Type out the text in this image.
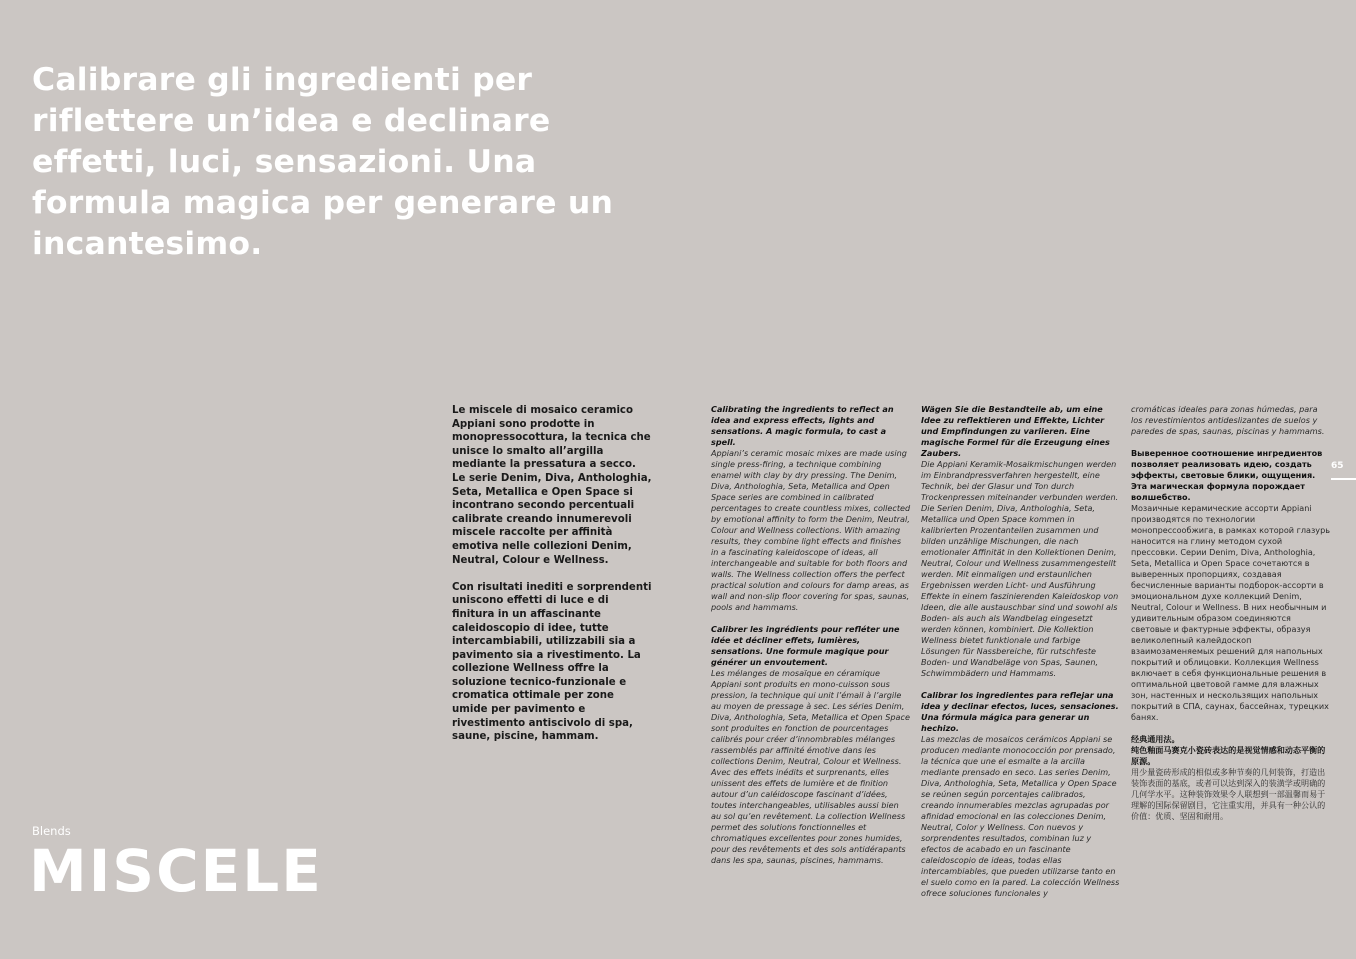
Calibrare gli ingredienti per riflettere un’idea e declinare effetti, luci, sensazioni. Una formula magica per generare un incantesimo.

Le miscele di mosaico ceramico Appiani sono prodotte in monopressocottura, la tecnica che unisce lo smalto all’argilla mediante la pressatura a secco. Le serie Denim, Diva, Anthologhia, Seta, Metallica e Open Space si incontrano secondo percentuali calibrate creando innumerevoli miscele raccolte per affinità emotiva nelle collezioni Denim, Neutral, Colour e Wellness.

Con risultati inediti e sorprendenti uniscono effetti di luce e di finitura in un affascinante caleidoscopio di idee, tutte intercambiabili, utilizzabili sia a pavimento sia a rivestimento. La collezione Wellness offre la soluzione tecnico-funzionale e cromatica ottimale per zone umide per pavimento e rivestimento antiscivolo di spa, saune, piscine, hammam.

Calibrating the ingredients to reflect an idea and express effects, lights and sensations. A magic formula, to cast a spell.

Appiani’s ceramic mosaic mixes are made using single press-firing, a technique combining enamel with clay by dry pressing. The Denim, Diva, Anthologhia, Seta, Metallica and Open Space series are combined in calibrated percentages to create countless mixes, collected by emotional affinity to form the Denim, Neutral, Colour and Wellness collections. With amazing results, they combine light effects and finishes in a fascinating kaleidoscope of ideas, all interchangeable and suitable for both floors and walls. The Wellness collection offers the perfect practical solution and colours for damp areas, as wall and non-slip floor covering for spas, saunas, pools and hammams.

Calibrer les ingrédients pour refléter une idée et décliner effets, lumières, sensations. Une formule magique pour générer un envoutement.

Les mélanges de mosaïque en céramique Appiani sont produits en mono-cuisson sous pression, la technique qui unit l’émail à l’argile au moyen de pressage à sec. Les séries Denim, Diva, Anthologhia, Seta, Metallica et Open Space sont produites en fonction de pourcentages calibrés pour créer d’innombrables mélanges rassemblés par affinité émotive dans les collections Denim, Neutral, Colour et Wellness. Avec des effets inédits et surprenants, elles unissent des effets de lumière et de finition autour d’un caléidoscope fascinant d’idées, toutes interchangeables, utilisables aussi bien au sol qu’en revêtement. La collection Wellness permet des solutions fonctionnelles et chromatiques excellentes pour zones humides, pour des revêtements et des sols antidérapants dans les spa, saunas, piscines, hammams.

Wägen Sie die Bestandteile ab, um eine Idee zu reflektieren und Effekte, Lichter und Empfindungen zu variieren. Eine magische Formel für die Erzeugung eines Zaubers.

Die Appiani Keramik-Mosaikmischungen werden im Einbrandpressverfahren hergestellt, eine Technik, bei der Glasur und Ton durch Trockenpressen miteinander verbunden werden. Die Serien Denim, Diva, Anthologhia, Seta, Metallica und Open Space kommen in kalibrierten Prozentanteilen zusammen und bilden unzählige Mischungen, die nach emotionaler Affinität in den Kollektionen Denim, Neutral, Colour und Wellness zusammengestellt werden. Mit einmaligen und erstaunlichen Ergebnissen werden Licht- und Ausführung Effekte in einem faszinierenden Kaleidoskop von Ideen, die alle austauschbar sind und sowohl als Boden- als auch als Wandbelag eingesetzt werden können, kombiniert. Die Kollektion Wellness bietet funktionale und farbige Lösungen für Nassbereiche, für rutschfeste Boden- und Wandbeläge von Spas, Saunen, Schwimmbädern und Hammams.

Calibrar los ingredientes para reflejar una idea y declinar efectos, luces, sensaciones. Una fórmula mágica para generar un hechizo.

Las mezclas de mosaicos cerámicos Appiani se producen mediante monococción por prensado, la técnica que une el esmalte a la arcilla mediante prensado en seco. Las series Denim, Diva, Anthologhia, Seta, Metallica y Open Space se reúnen según porcentajes calibrados, creando innumerables mezclas agrupadas por afinidad emocional en las colecciones Denim, Neutral, Color y Wellness. Con nuevos y sorprendentes resultados, combinan luz y efectos de acabado en un fascinante caleidoscopio de ideas, todas ellas intercambiables, que pueden utilizarse tanto en el suelo como en la pared. La colección Wellness ofrece soluciones funcionales y

cromáticas ideales para zonas húmedas, para los revestimientos antideslizantes de suelos y paredes de spas, saunas, piscinas y hammams.
Выверенное соотношение ингредиентов позволяет реализовать идею, создать эффекты, световые блики, ощущения. Эта магическая формула порождает волшебство.

Мозаичные керамические ассорти Appiani производятся по технологии монопрессообжига, в рамках которой глазурь наносится на глину методом сухой прессовки. Серии Denim, Diva, Anthologhia, Seta, Metallica и Open Space сочетаются в выверенных пропорциях, создавая бесчисленные варианты подборок-ассорти в эмоциональном духе коллекций Denim, Neutral, Colour и Wellness. В них необычным и удивительным образом соединяются световые и фактурные эффекты, образуя великолепный калейдоскоп взаимозаменяемых решений для напольных покрытий и облицовки. Коллекция Wellness включает в себя функциональные решения в оптимальной цветовой гамме для влажных зон, настенных и нескользящих напольных покрытий в СПА, саунах, бассейнах, турецких банях.

经典通用法。
纯色釉面马赛克小瓷砖表达的是视觉情感和动态平衡的原源。

用少量瓷砖形成的相似或多种节奏的几何装饰，打造出装饰表面的基底，或者可以达到深入的装潢学或明确的几何学水平。这种装饰效果令人联想到一部温馨而易于理解的国际保留剧目，它注重实用，并具有一种公认的价值：优质、坚固和耐用。

65
Blends
MISCELE
